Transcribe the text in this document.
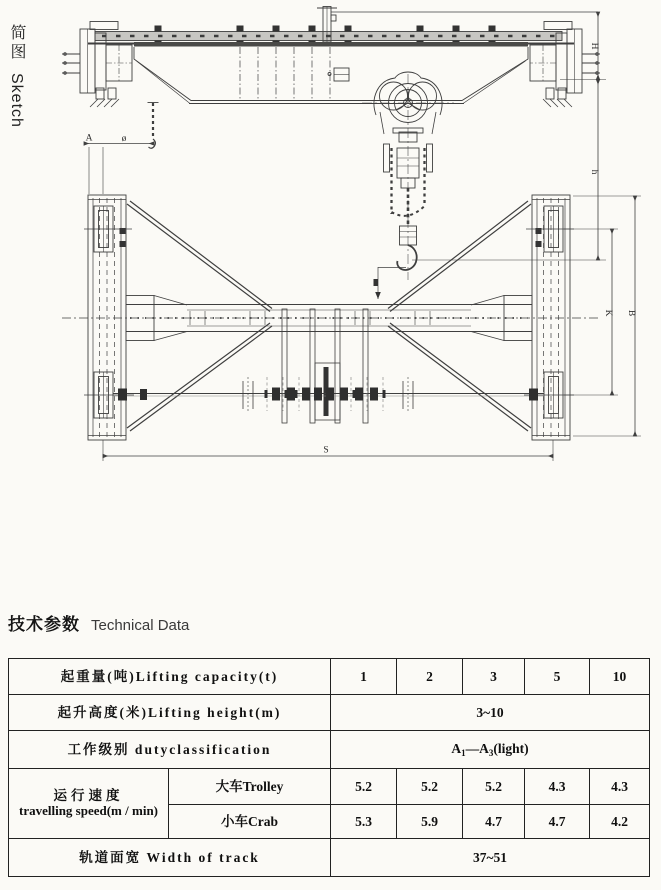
简图 Sketch
A	ø
H
h
K B
S
技术参数 Technical Data
起重量(吨)Lifting capacity(t)		1	2	3	5	10
起升高度(米)Lifting height(m)		3~10				
工作级别 dutyclassification		$A_1—A_3(light)$				

运行速度
travelling speed(m / min)	大车Trolley	5.2	5.2	5.2	4.3	4.3
	小车Crab	5.3	5.9	4.7	4.7	4.2
轨道面宽 Width of track		37~51				
